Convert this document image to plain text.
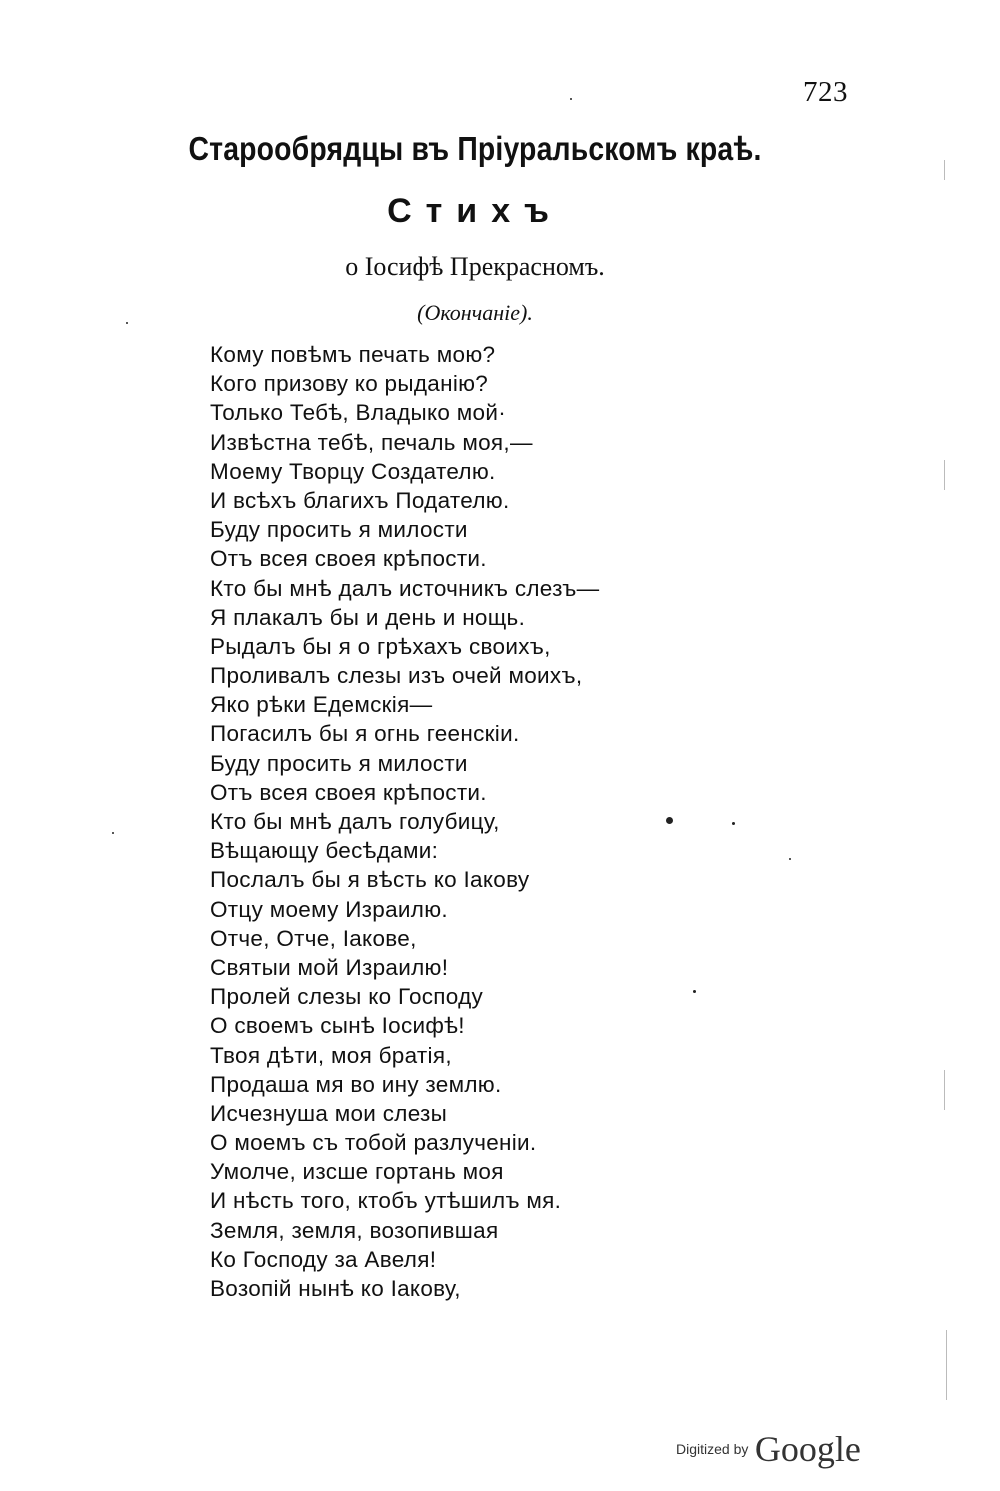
723
Старообрядцы въ Пріуральскомъ краѣ.
Стихъ
о Іосифѣ Прекрасномъ.
(Окончаніе).
Кому повѣмъ печать мою?
Кого призову ко рыданію?
Только Тебѣ, Владыко мой·
Извѣстна тебѣ, печаль моя,—
Моему Творцу Создателю.
И всѣхъ благихъ Подателю.
Буду просить я милости
Отъ всея своея крѣпости.
Кто бы мнѣ далъ источникъ слезъ—
Я плакалъ бы и день и нощь.
Рыдалъ бы я о грѣхахъ своихъ,
Проливалъ слезы изъ очей моихъ,
Яко рѣки Едемскія—
Погасилъ бы я огнь геенскіи.
Буду просить я милости
Отъ всея своея крѣпости.
Кто бы мнѣ далъ голубицу,
Вѣщающу бесѣдами:
Послалъ бы я вѣсть ко Іакову
Отцу моему Израилю.
Отче, Отче, Іакове,
Святыи мой Израилю!
Пролей слезы ко Господу
О своемъ сынѣ Іосифѣ!
Твоя дѣти, моя братія,
Продаша мя во ину землю.
Исчезнуша мои слезы
О моемъ съ тобой разлученіи.
Умолче, изсше гортань моя
И нѣсть того, ктобъ утѣшилъ мя.
Земля, земля, возопившая
Ко Господу за Авеля!
Возопій нынѣ ко Іакову,
Digitized by Google
